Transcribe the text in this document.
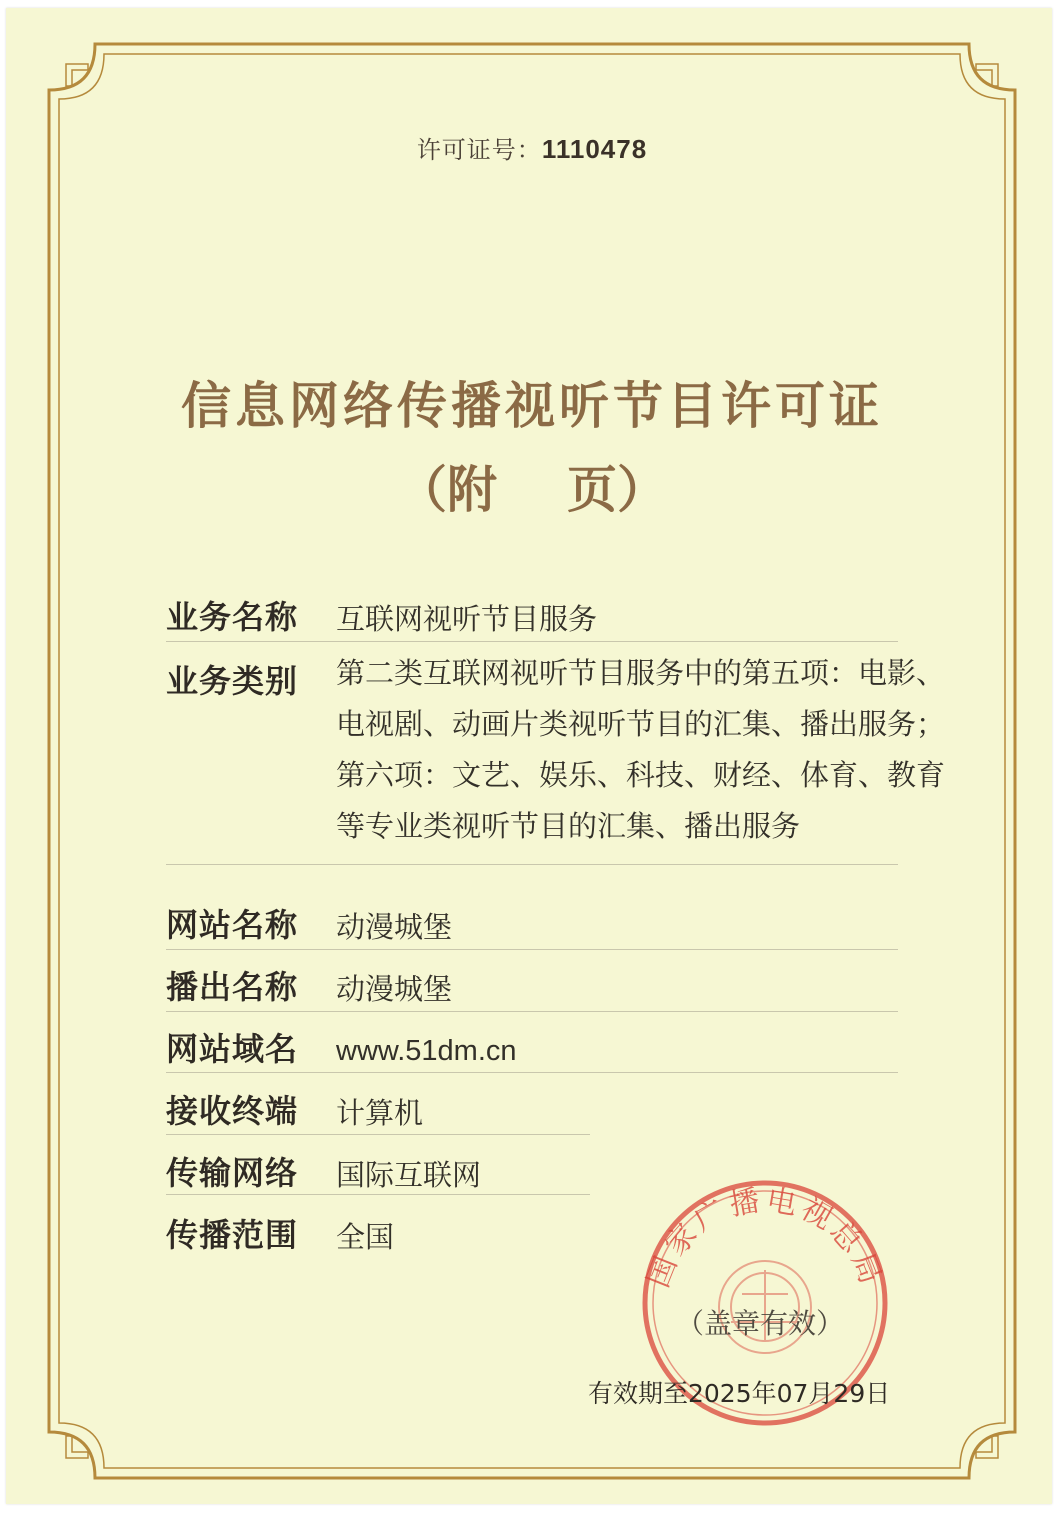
许可证号：1110478
信息网络传播视听节目许可证
（附 页）
业务名称 互联网视听节目服务
业务类别 第二类互联网视听节目服务中的第五项：电影、
电视剧、动画片类视听节目的汇集、播出服务；
第六项：文艺、娱乐、科技、财经、体育、教育
等专业类视听节目的汇集、播出服务
网站名称 动漫城堡
播出名称 动漫城堡
网站域名 www.51dm.cn
接收终端 计算机
传输网络 国际互联网
传播范围 全国
国家广播电视总局
（盖章有效）
有效期至2025年07月29日
